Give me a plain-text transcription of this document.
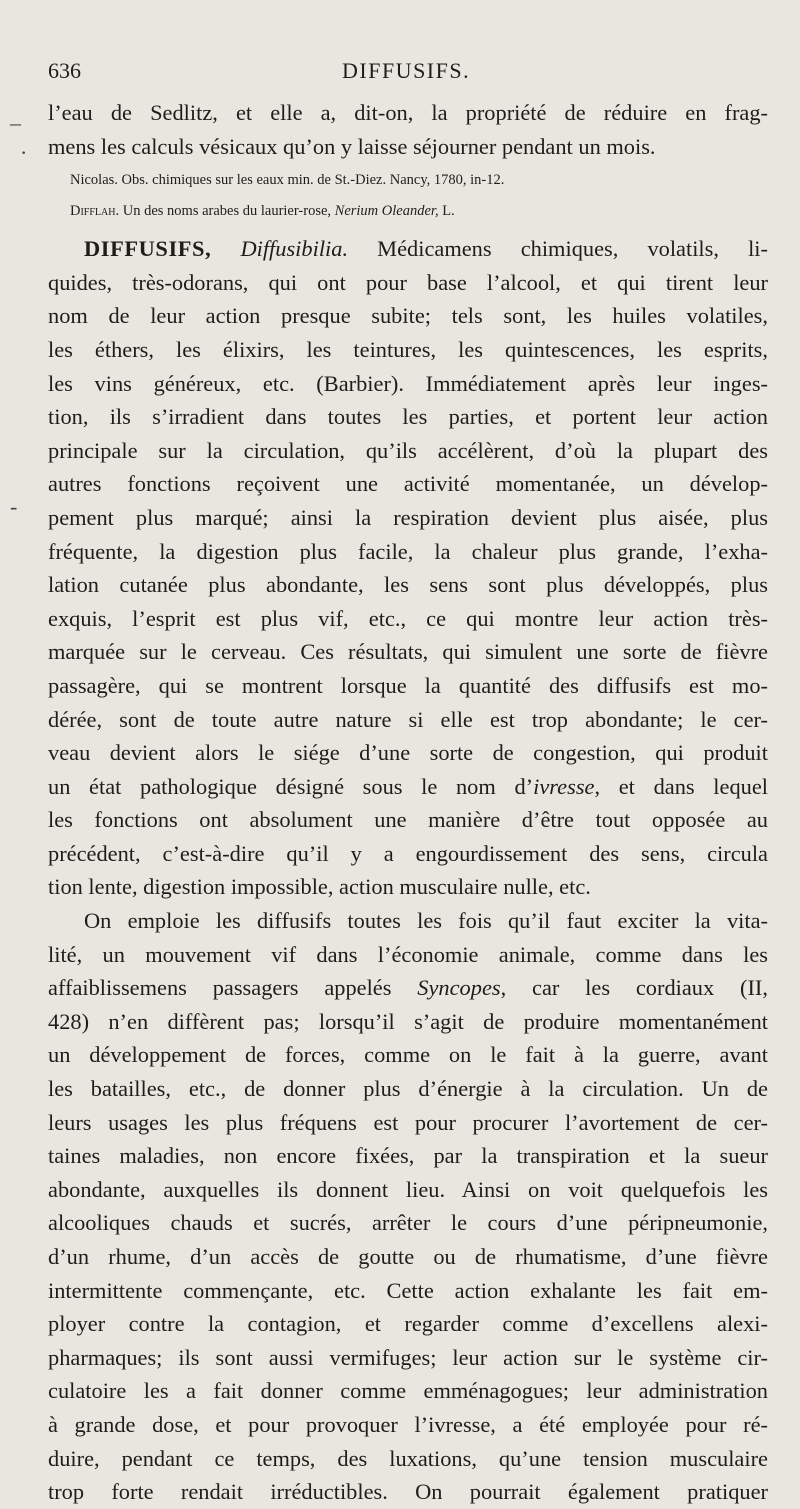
636	DIFFUSIFS.
l’eau de Sedlitz, et elle a, dit-on, la propriété de réduire en frag-
mens les calculs vésicaux qu’on y laisse séjourner pendant un mois.
Nicolas. Obs. chimiques sur les eaux min. de St.-Diez. Nancy, 1780, in-12.
Difflah. Un des noms arabes du laurier-rose, Nerium Oleander, L.
DIFFUSIFS, Diffusibilia. Médicamens chimiques, volatils, li-
quides, très-odorans, qui ont pour base l’alcool, et qui tirent leur
nom de leur action presque subite; tels sont, les huiles volatiles,
les éthers, les élixirs, les teintures, les quintescences, les esprits,
les vins généreux, etc. (Barbier). Immédiatement après leur inges-
tion, ils s’irradient dans toutes les parties, et portent leur action
principale sur la circulation, qu’ils accélèrent, d’où la plupart des
autres fonctions reçoivent une activité momentanée, un dévelop-
pement plus marqué; ainsi la respiration devient plus aisée, plus
fréquente, la digestion plus facile, la chaleur plus grande, l’exha-
lation cutanée plus abondante, les sens sont plus développés, plus
exquis, l’esprit est plus vif, etc., ce qui montre leur action très-
marquée sur le cerveau. Ces résultats, qui simulent une sorte de fièvre
passagère, qui se montrent lorsque la quantité des diffusifs est mo-
dérée, sont de toute autre nature si elle est trop abondante; le cer-
veau devient alors le siége d’une sorte de congestion, qui produit
un état pathologique désigné sous le nom d’ivresse, et dans lequel
les fonctions ont absolument une manière d’être tout opposée au
précédent, c’est-à-dire qu’il y a engourdissement des sens, circula
tion lente, digestion impossible, action musculaire nulle, etc.
On emploie les diffusifs toutes les fois qu’il faut exciter la vita-
lité, un mouvement vif dans l’économie animale, comme dans les
affaiblissemens passagers appelés Syncopes, car les cordiaux (II,
428) n’en diffèrent pas; lorsqu’il s’agit de produire momentanément
un développement de forces, comme on le fait à la guerre, avant
les batailles, etc., de donner plus d’énergie à la circulation. Un de
leurs usages les plus fréquens est pour procurer l’avortement de cer-
taines maladies, non encore fixées, par la transpiration et la sueur
abondante, auxquelles ils donnent lieu. Ainsi on voit quelquefois les
alcooliques chauds et sucrés, arrêter le cours d’une péripneumonie,
d’un rhume, d’un accès de goutte ou de rhumatisme, d’une fièvre
intermittente commençante, etc. Cette action exhalante les fait em-
ployer contre la contagion, et regarder comme d’excellens alexi-
pharmaques; ils sont aussi vermifuges; leur action sur le système cir-
culatoire les a fait donner comme emménagogues; leur administration
à grande dose, et pour provoquer l’ivresse, a été employée pour ré-
duire, pendant ce temps, des luxations, qu’une tension musculaire
trop forte rendait irréductibles. On pourrait également pratiquer
–
·
-
